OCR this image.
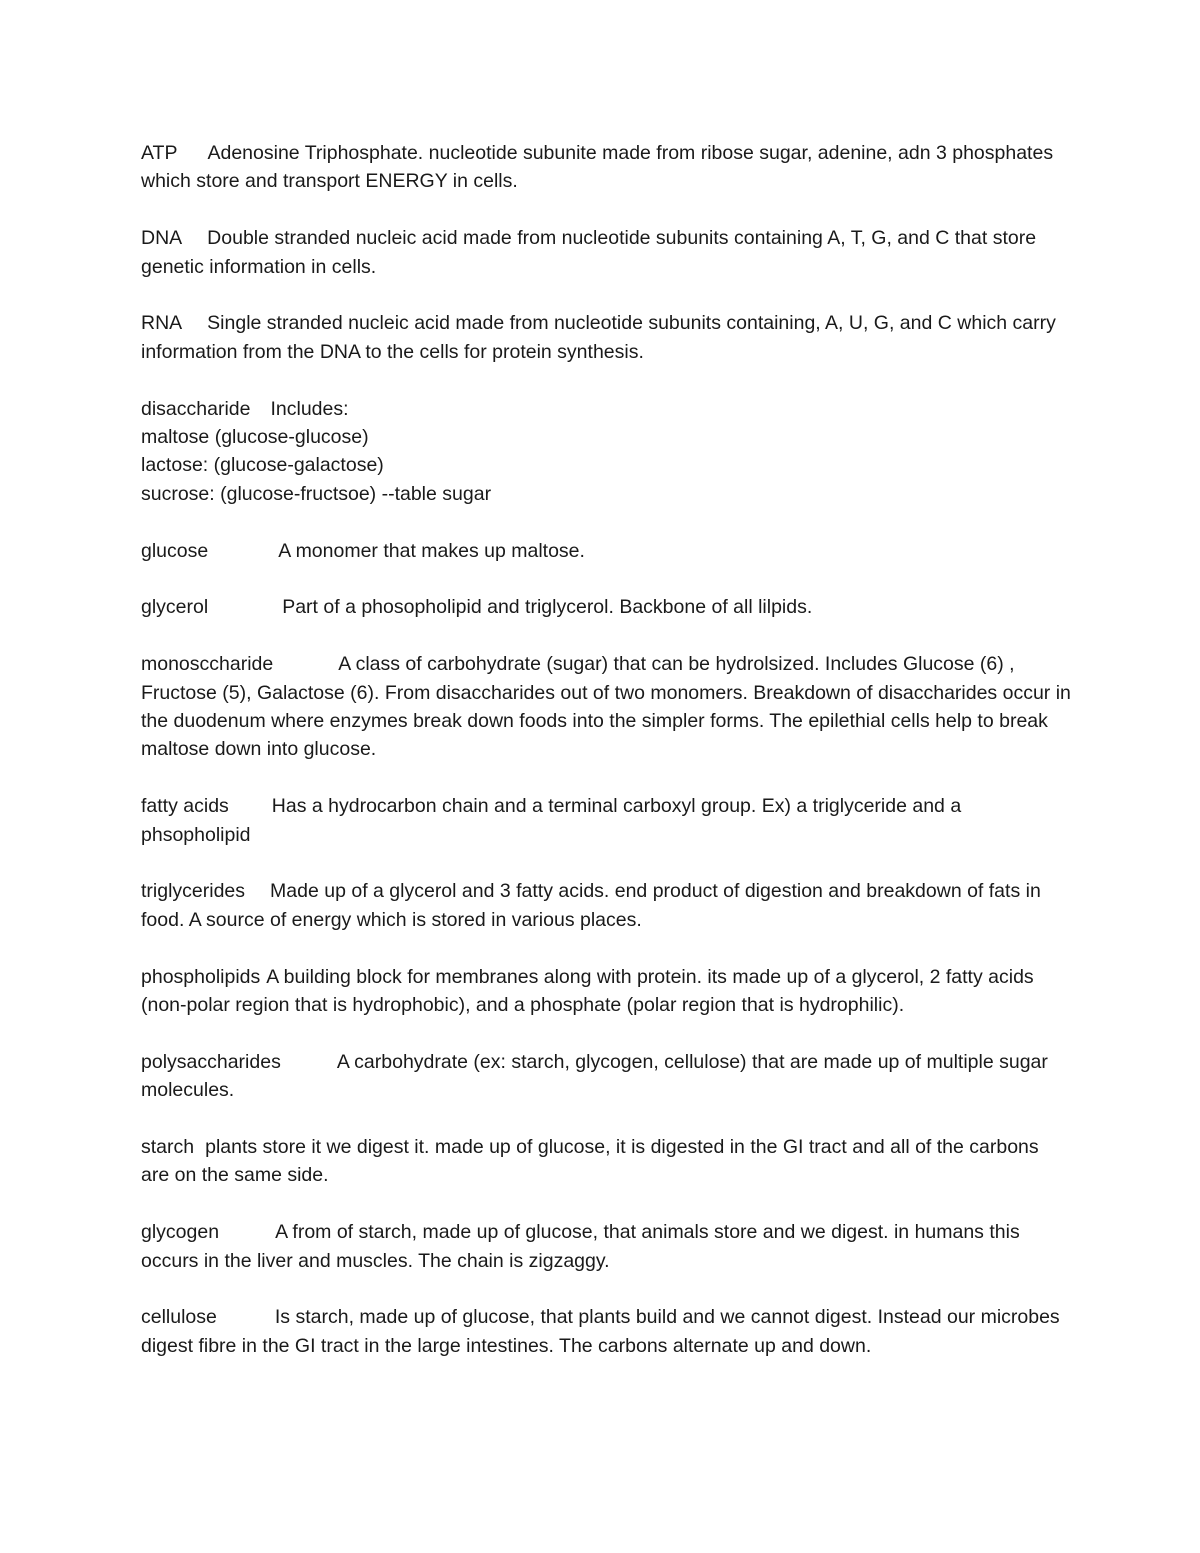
ATP Adenosine Triphosphate. nucleotide subunite made from ribose sugar, adenine, adn 3 phosphates which store and transport ENERGY in cells.

DNA Double stranded nucleic acid made from nucleotide subunits containing A, T, G, and C that store genetic information in cells.

RNA Single stranded nucleic acid made from nucleotide subunits containing, A, U, G, and C which carry information from the DNA to the cells for protein synthesis.

disaccharide Includes:
maltose (glucose-glucose)
lactose: (glucose-galactose)
sucrose: (glucose-fructsoe) --table sugar

glucose	A monomer that makes up maltose.

glycerol	Part of a phosopholipid and triglycerol. Backbone of all lilpids.

monosccharide	A class of carbohydrate (sugar) that can be hydrolsized. Includes Glucose (6) , Fructose (5), Galactose (6). From disaccharides out of two monomers. Breakdown of disaccharides occur in the duodenum where enzymes break down foods into the simpler forms. The epilethial cells help to break maltose down into glucose.

fatty acids Has a hydrocarbon chain and a terminal carboxyl group. Ex) a triglyceride and a phsopholipid

triglycerides Made up of a glycerol and 3 fatty acids. end product of digestion and breakdown of fats in food. A source of energy which is stored in various places.

phospholipids A building block for membranes along with protein. its made up of a glycerol, 2 fatty acids (non-polar region that is hydrophobic), and a phosphate (polar region that is hydrophilic).

polysaccharides	A carbohydrate (ex: starch, glycogen, cellulose) that are made up of multiple sugar molecules.

starch plants store it we digest it. made up of glucose, it is digested in the GI tract and all of the carbons are on the same side.

glycogen	A from of starch, made up of glucose, that animals store and we digest. in humans this occurs in the liver and muscles. The chain is zigzaggy.

cellulose	Is starch, made up of glucose, that plants build and we cannot digest. Instead our microbes digest fibre in the GI tract in the large intestines. The carbons alternate up and down.
